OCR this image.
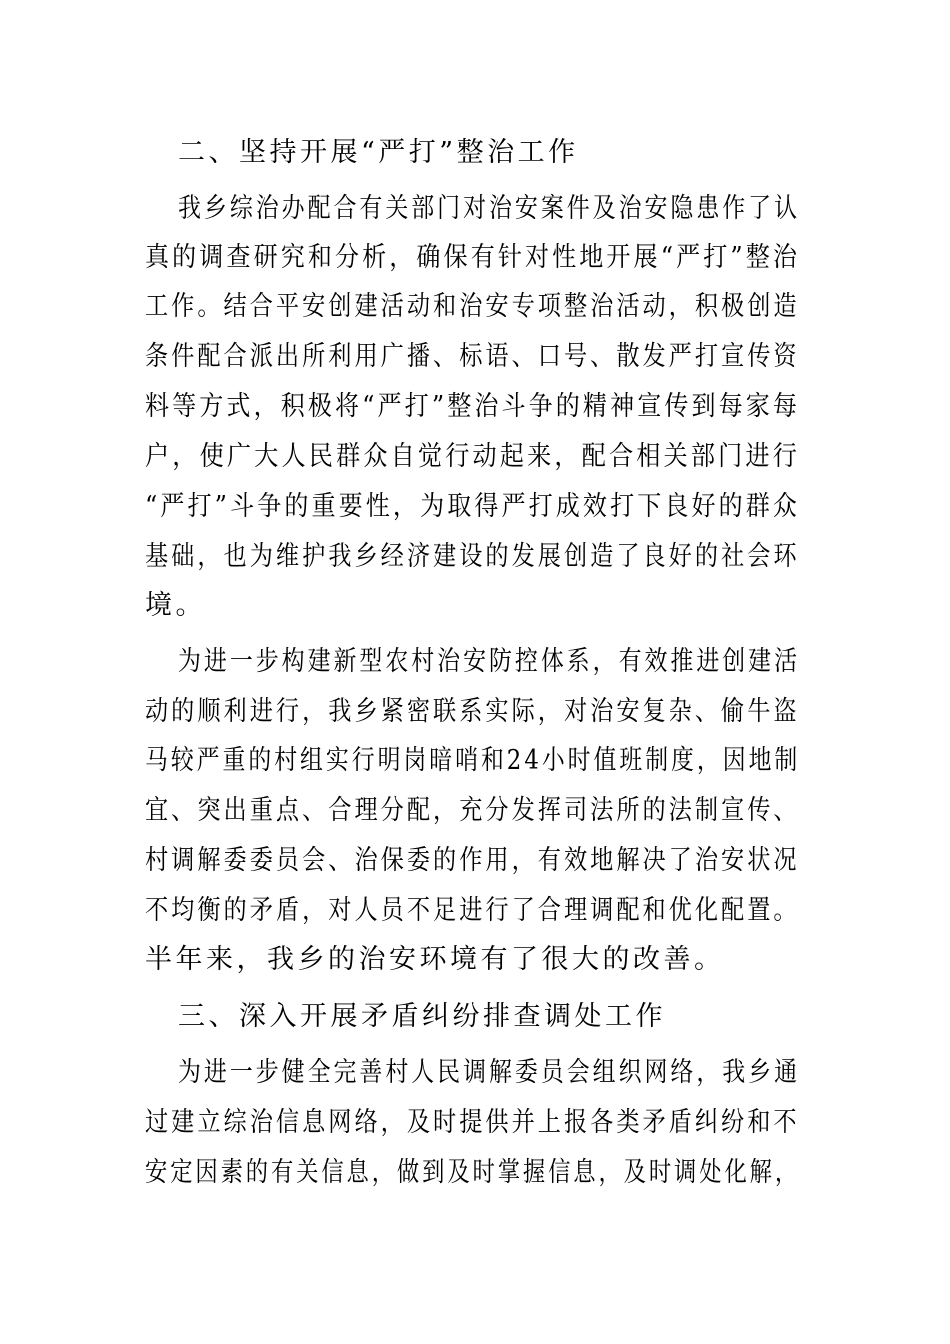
二、坚持开展“严打”整治工作
我乡综治办配合有关部门对治安案件及治安隐患作了认
真的调查研究和分析，确保有针对性地开展“严打”整治
工作。结合平安创建活动和治安专项整治活动，积极创造
条件配合派出所利用广播、标语、口号、散发严打宣传资
料等方式，积极将“严打”整治斗争的精神宣传到每家每
户，使广大人民群众自觉行动起来，配合相关部门进行
“严打”斗争的重要性，为取得严打成效打下良好的群众
基础，也为维护我乡经济建设的发展创造了良好的社会环
境。
为进一步构建新型农村治安防控体系，有效推进创建活
动的顺利进行，我乡紧密联系实际，对治安复杂、偷牛盗
马较严重的村组实行明岗暗哨和24小时值班制度，因地制
宜、突出重点、合理分配，充分发挥司法所的法制宣传、
村调解委委员会、治保委的作用，有效地解决了治安状况
不均衡的矛盾，对人员不足进行了合理调配和优化配置。
半年来，我乡的治安环境有了很大的改善。
三、深入开展矛盾纠纷排查调处工作
为进一步健全完善村人民调解委员会组织网络，我乡通
过建立综治信息网络，及时提供并上报各类矛盾纠纷和不
安定因素的有关信息，做到及时掌握信息，及时调处化解，
